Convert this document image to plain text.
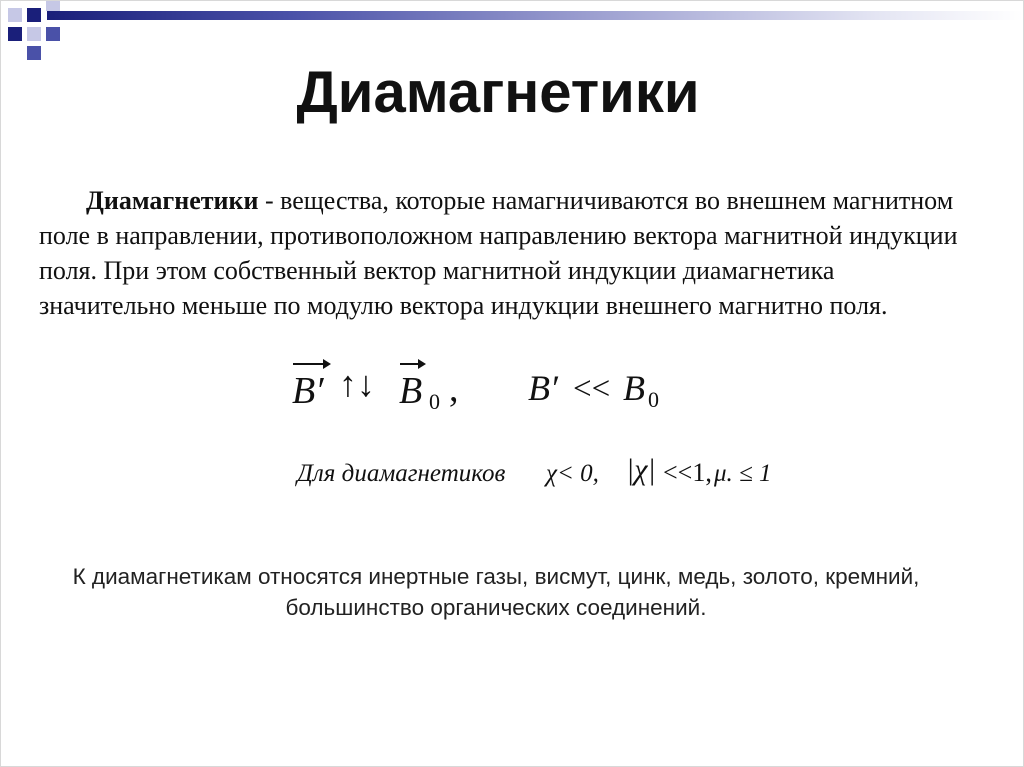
Диамагнетики
Диамагнетики - вещества, которые намагничиваются во внешнем магнитном поле в направлении, противоположном направлению вектора магнитной индукции поля. При этом собственный вектор магнитной индукции диамагнетика значительно меньше по модулю вектора индукции внешнего магнитно поля.
B′ ↑↓ B 0 , B′ << B 0
Для диамагнетиков χ< 0, |χ| <<1, μ. ≤ 1
К диамагнетикам относятся инертные газы, висмут, цинк, медь, золото, кремний, большинство органических соединений.
